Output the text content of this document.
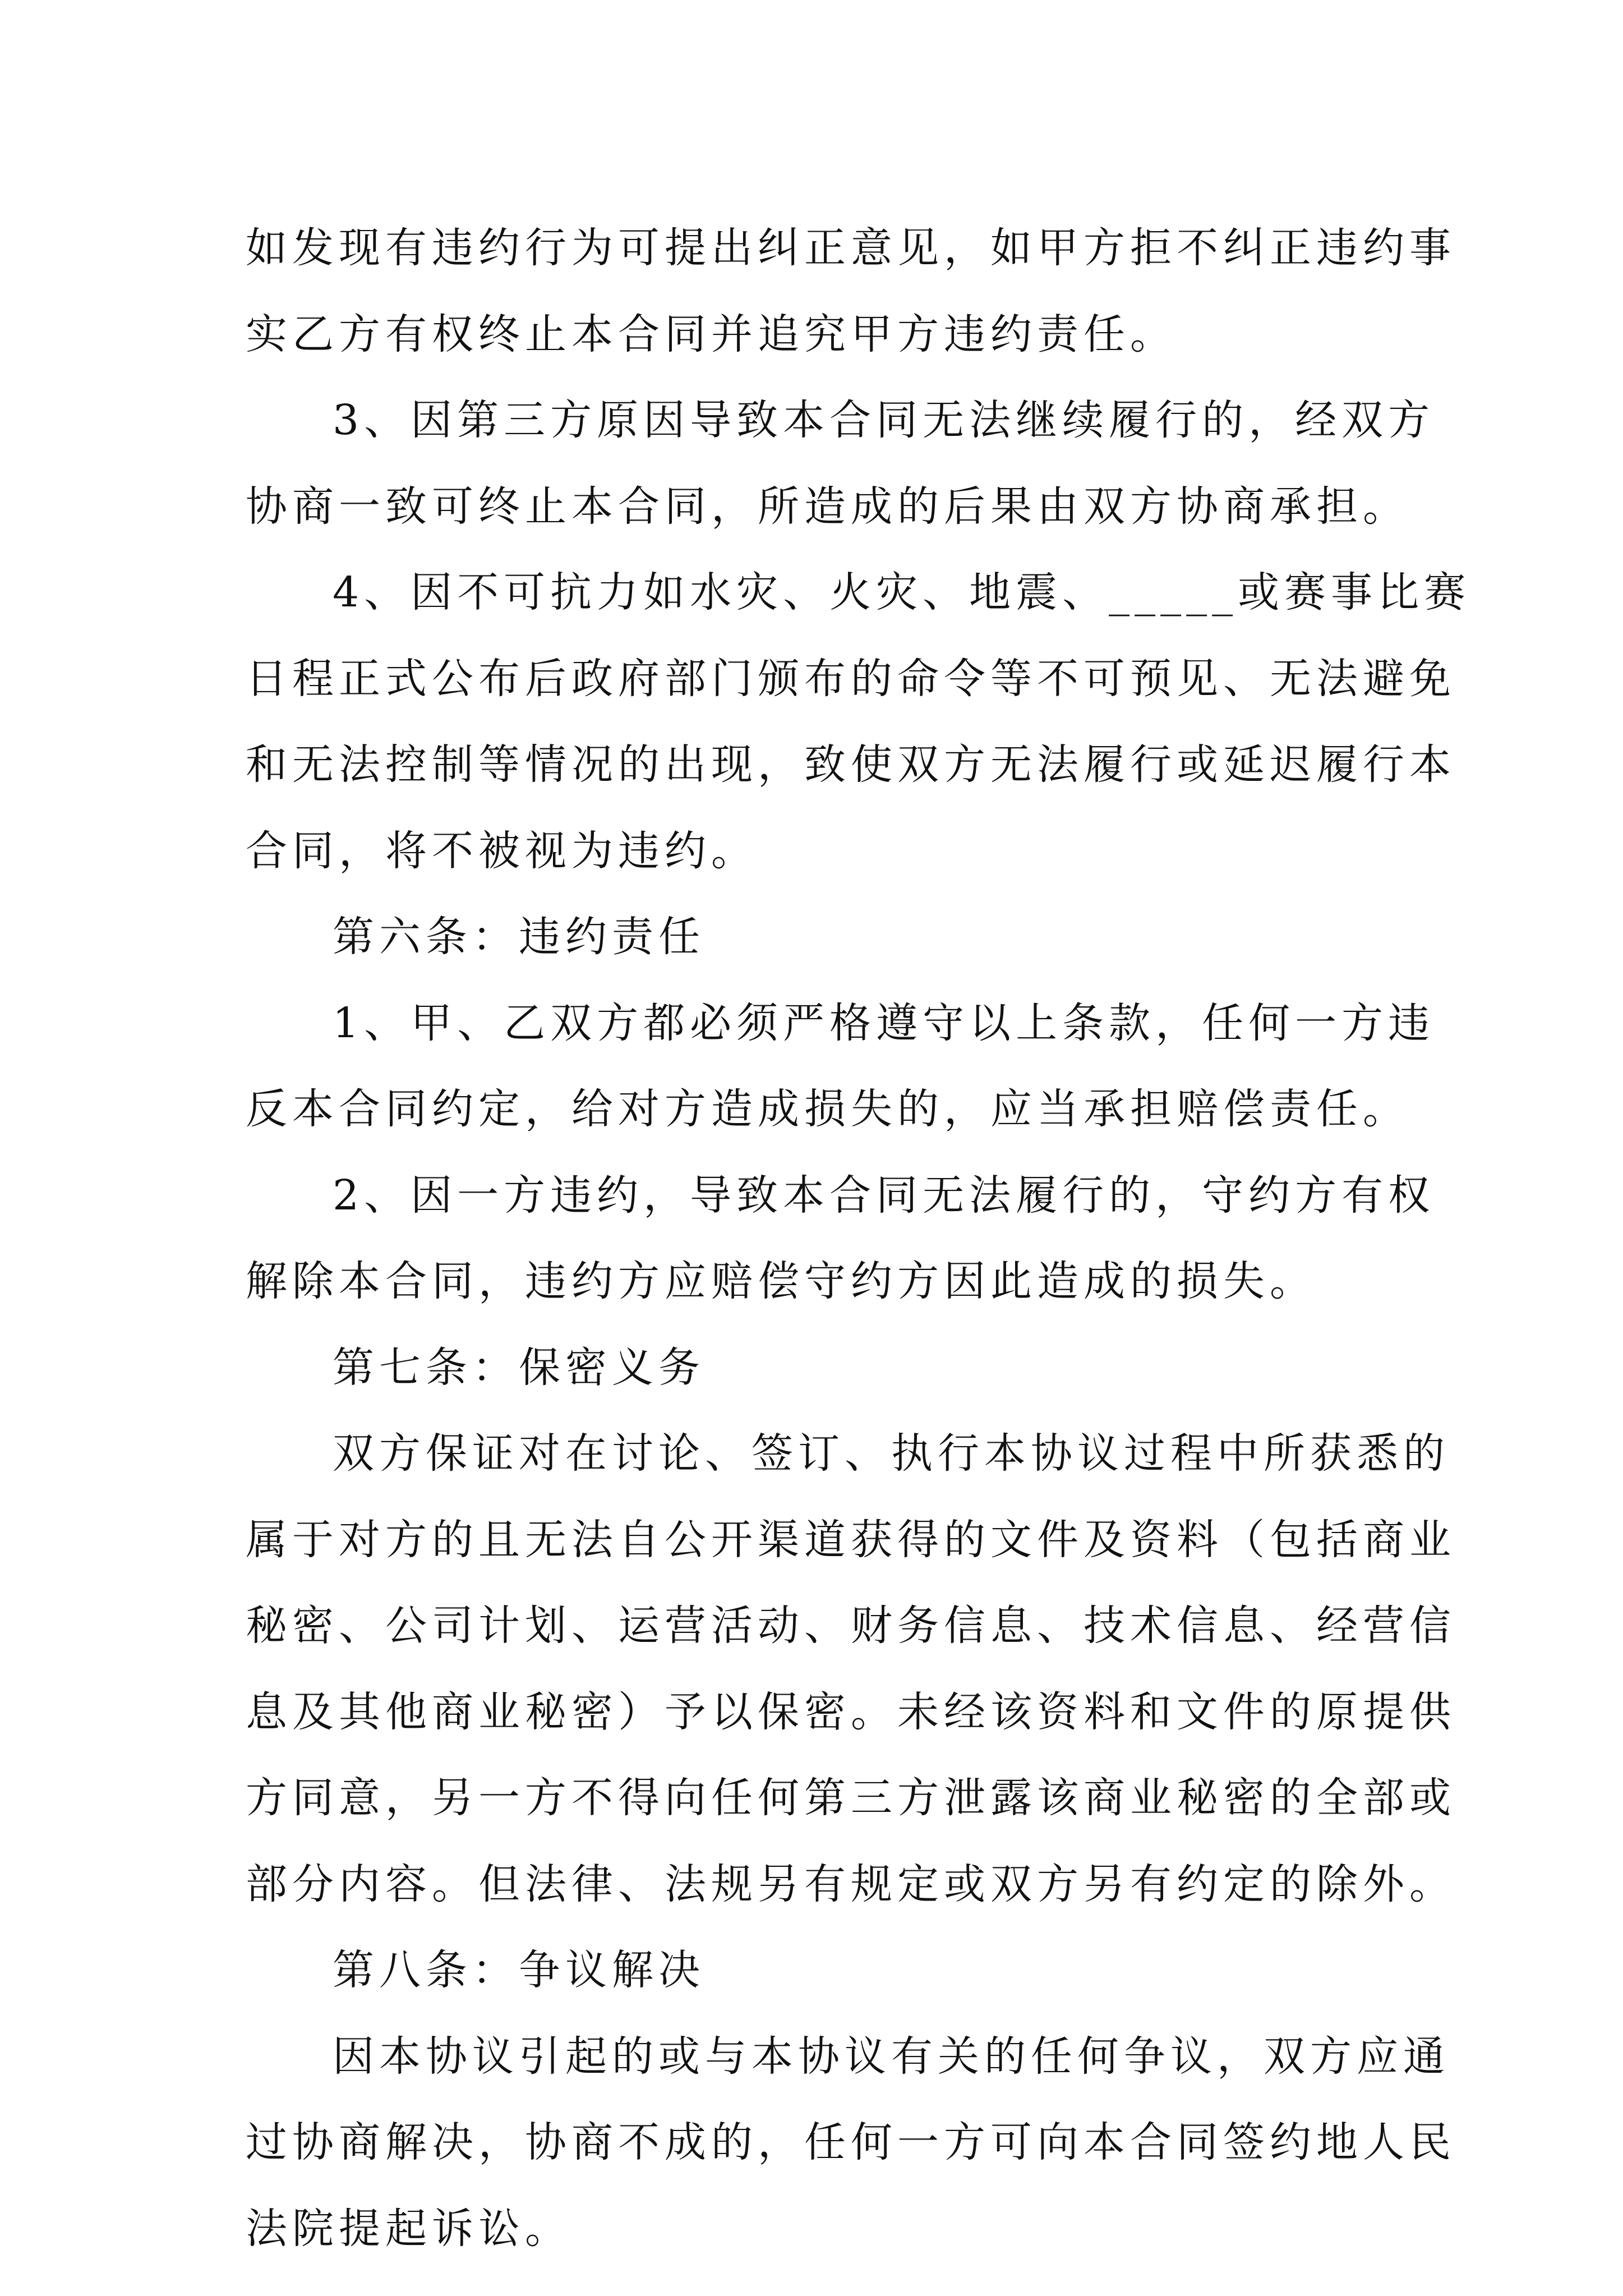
如发现有违约行为可提出纠正意见，如甲方拒不纠正违约事

实乙方有权终止本合同并追究甲方违约责任。

3、因第三方原因导致本合同无法继续履行的，经双方

协商一致可终止本合同，所造成的后果由双方协商承担。

4、因不可抗力如水灾、火灾、地震、_____或赛事比赛

日程正式公布后政府部门颁布的命令等不可预见、无法避免

和无法控制等情况的出现，致使双方无法履行或延迟履行本

合同，将不被视为违约。

第六条：违约责任

1、甲、乙双方都必须严格遵守以上条款，任何一方违

反本合同约定，给对方造成损失的，应当承担赔偿责任。

2、因一方违约，导致本合同无法履行的，守约方有权

解除本合同，违约方应赔偿守约方因此造成的损失。

第七条：保密义务

双方保证对在讨论、签订、执行本协议过程中所获悉的

属于对方的且无法自公开渠道获得的文件及资料（包括商业

秘密、公司计划、运营活动、财务信息、技术信息、经营信

息及其他商业秘密）予以保密。未经该资料和文件的原提供

方同意，另一方不得向任何第三方泄露该商业秘密的全部或

部分内容。但法律、法规另有规定或双方另有约定的除外。

第八条：争议解决

因本协议引起的或与本协议有关的任何争议，双方应通

过协商解决，协商不成的，任何一方可向本合同签约地人民

法院提起诉讼。
